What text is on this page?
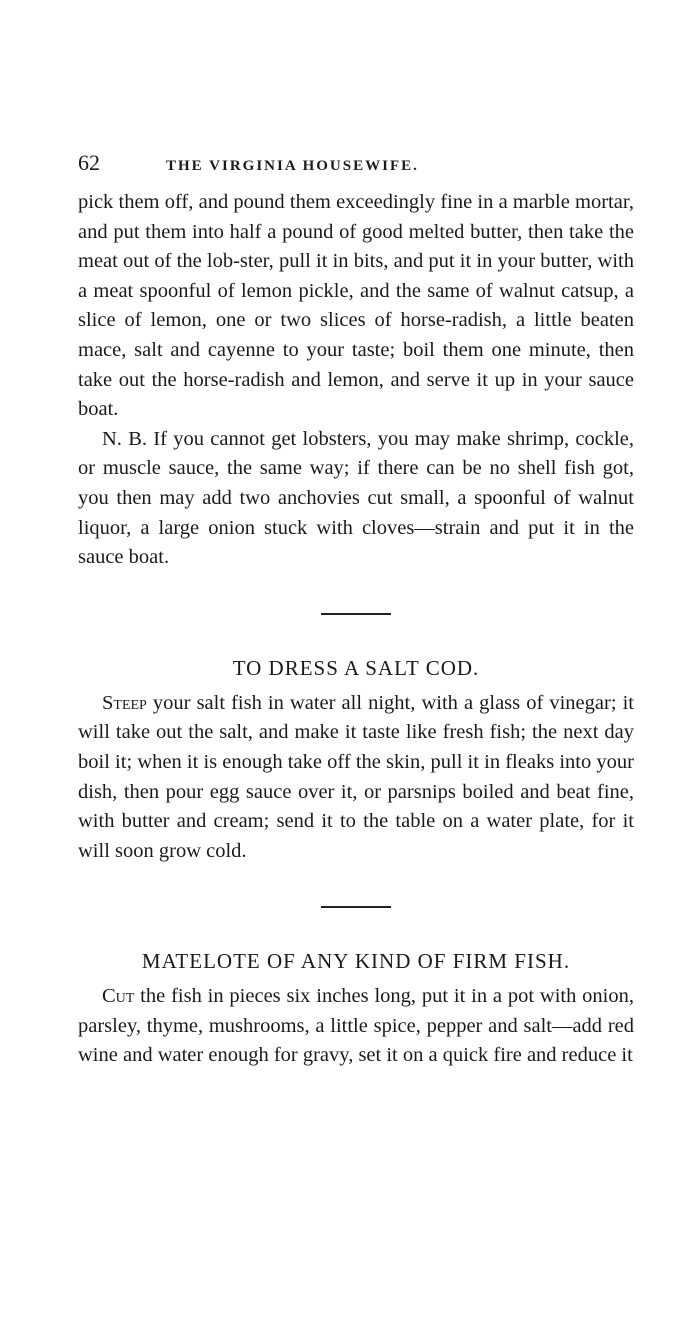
62	THE VIRGINIA HOUSEWIFE.

pick them off, and pound them exceedingly fine in a marble mortar, and put them into half a pound of good melted butter, then take the meat out of the lob-ster, pull it in bits, and put it in your butter, with a meat spoonful of lemon pickle, and the same of walnut catsup, a slice of lemon, one or two slices of horse-radish, a little beaten mace, salt and cayenne to your taste; boil them one minute, then take out the horse-radish and lemon, and serve it up in your sauce boat.

N. B. If you cannot get lobsters, you may make shrimp, cockle, or muscle sauce, the same way; if there can be no shell fish got, you then may add two anchovies cut small, a spoonful of walnut liquor, a large onion stuck with cloves—strain and put it in the sauce boat.

TO DRESS A SALT COD.

Steep your salt fish in water all night, with a glass of vinegar; it will take out the salt, and make it taste like fresh fish; the next day boil it; when it is enough take off the skin, pull it in fleaks into your dish, then pour egg sauce over it, or parsnips boiled and beat fine, with butter and cream; send it to the table on a water plate, for it will soon grow cold.

MATELOTE OF ANY KIND OF FIRM FISH.

Cut the fish in pieces six inches long, put it in a pot with onion, parsley, thyme, mushrooms, a little spice, pepper and salt—add red wine and water enough for gravy, set it on a quick fire and reduce it
